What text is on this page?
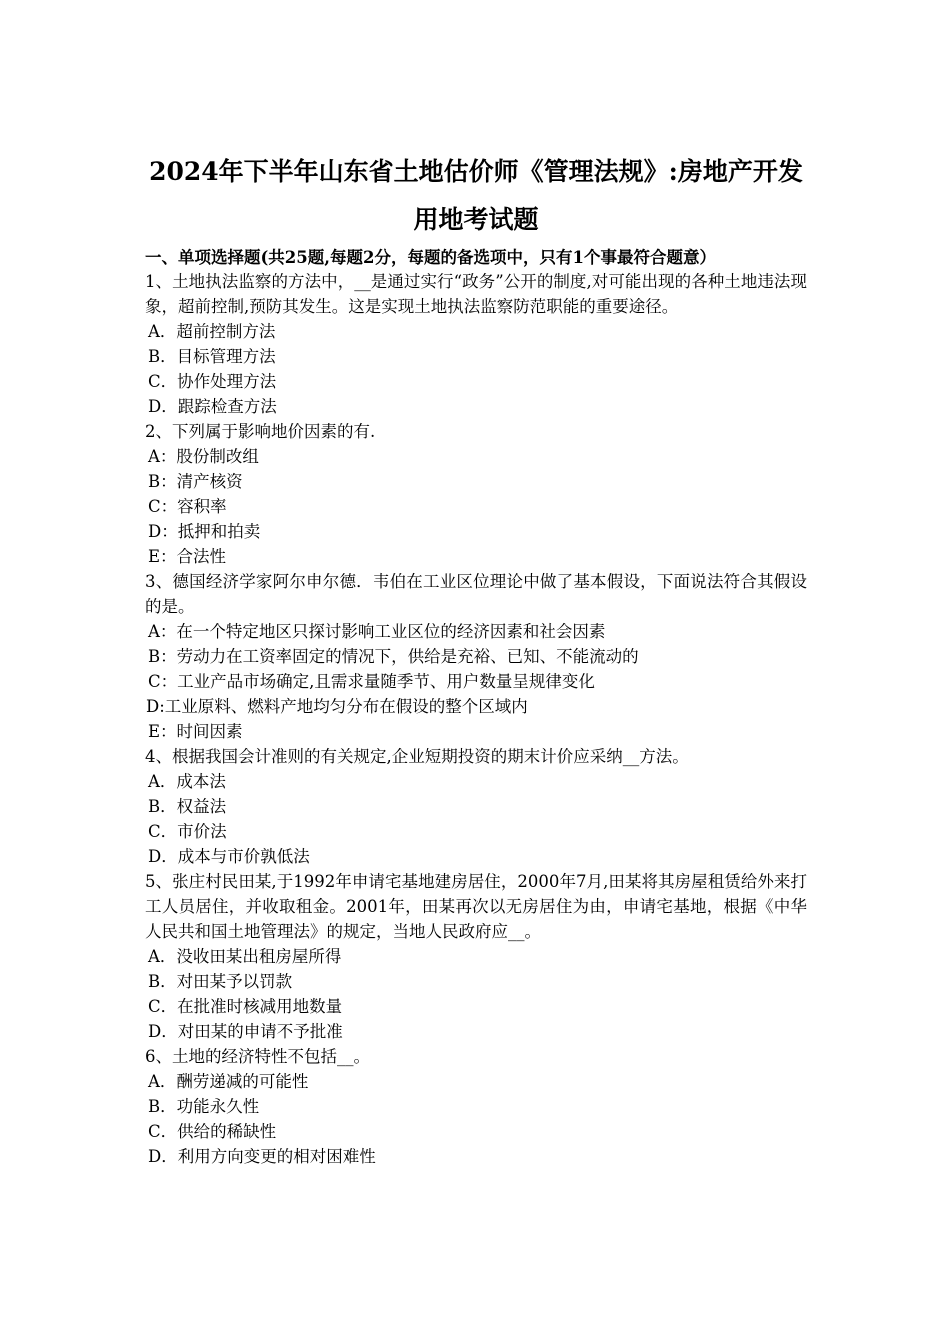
2024年下半年山东省土地估价师《管理法规》:房地产开发用地考试题
一、单项选择题(共25题,每题2分，每题的备选项中，只有1个事最符合题意）
1、土地执法监察的方法中，__是通过实行“政务”公开的制度,对可能出现的各种土地违法现象，超前控制,预防其发生。这是实现土地执法监察防范职能的重要途径。
A．超前控制方法
B．目标管理方法
C．协作处理方法
D．跟踪检查方法
2、下列属于影响地价因素的有.
A：股份制改组
B：清产核资
C：容积率
D：抵押和拍卖
E：合法性
3、德国经济学家阿尔申尔德．韦伯在工业区位理论中做了基本假设，下面说法符合其假设的是。
A：在一个特定地区只探讨影响工业区位的经济因素和社会因素
B：劳动力在工资率固定的情况下，供给是充裕、已知、不能流动的
C：工业产品市场确定,且需求量随季节、用户数量呈规律变化
D:工业原料、燃料产地均匀分布在假设的整个区域内
E：时间因素
4、根据我国会计准则的有关规定,企业短期投资的期末计价应采纳__方法。
A．成本法
B．权益法
C．市价法
D．成本与市价孰低法
5、张庄村民田某,于1992年申请宅基地建房居住，2000年7月,田某将其房屋租赁给外来打工人员居住，并收取租金。2001年，田某再次以无房居住为由，申请宅基地，根据《中华人民共和国土地管理法》的规定，当地人民政府应__。
A．没收田某出租房屋所得
B．对田某予以罚款
C．在批准时核减用地数量
D．对田某的申请不予批准
6、土地的经济特性不包括__。
A．酬劳递减的可能性
B．功能永久性
C．供给的稀缺性
D．利用方向变更的相对困难性
